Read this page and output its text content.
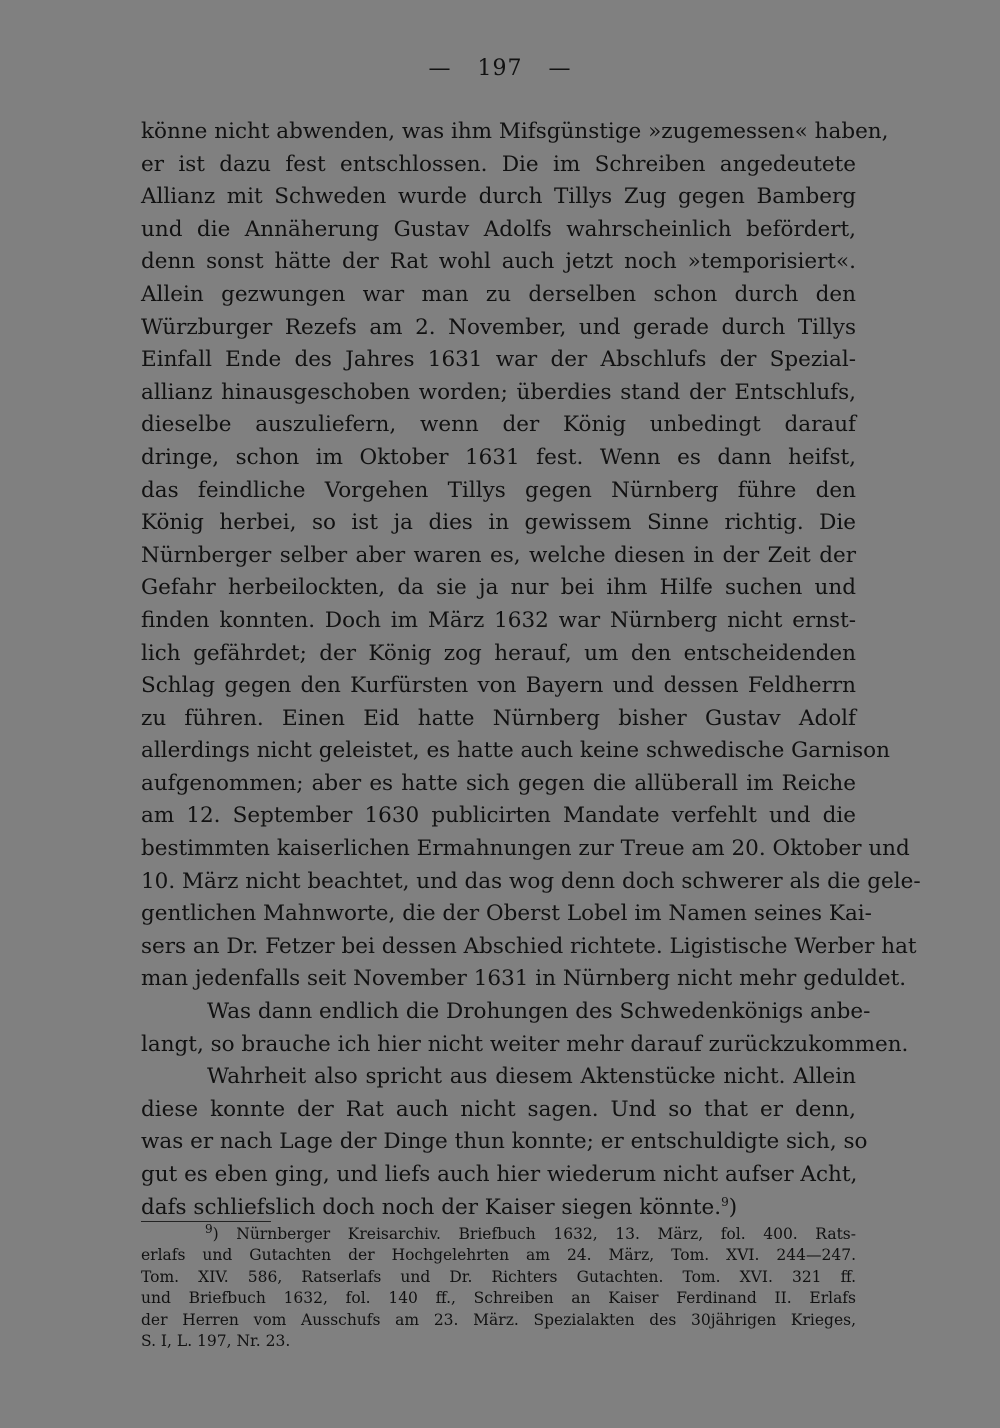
— 197 —
könne nicht abwenden, was ihm Mifsgünstige »zugemessen« haben,
er ist dazu fest entschlossen. Die im Schreiben angedeutete
Allianz mit Schweden wurde durch Tillys Zug gegen Bamberg
und die Annäherung Gustav Adolfs wahrscheinlich befördert,
denn sonst hätte der Rat wohl auch jetzt noch »temporisiert«.
Allein gezwungen war man zu derselben schon durch den
Würzburger Rezefs am 2. November, und gerade durch Tillys
Einfall Ende des Jahres 1631 war der Abschlufs der Spezial-
allianz hinausgeschoben worden; überdies stand der Entschlufs,
dieselbe auszuliefern, wenn der König unbedingt darauf
dringe, schon im Oktober 1631 fest. Wenn es dann heifst,
das feindliche Vorgehen Tillys gegen Nürnberg führe den
König herbei, so ist ja dies in gewissem Sinne richtig. Die
Nürnberger selber aber waren es, welche diesen in der Zeit der
Gefahr herbeilockten, da sie ja nur bei ihm Hilfe suchen und
finden konnten. Doch im März 1632 war Nürnberg nicht ernst-
lich gefährdet; der König zog herauf, um den entscheidenden
Schlag gegen den Kurfürsten von Bayern und dessen Feldherrn
zu führen. Einen Eid hatte Nürnberg bisher Gustav Adolf
allerdings nicht geleistet, es hatte auch keine schwedische Garnison
aufgenommen; aber es hatte sich gegen die allüberall im Reiche
am 12. September 1630 publicirten Mandate verfehlt und die
bestimmten kaiserlichen Ermahnungen zur Treue am 20. Oktober und
10. März nicht beachtet, und das wog denn doch schwerer als die gele-
gentlichen Mahnworte, die der Oberst Lobel im Namen seines Kai-
sers an Dr. Fetzer bei dessen Abschied richtete. Ligistische Werber hat
man jedenfalls seit November 1631 in Nürnberg nicht mehr geduldet.
Was dann endlich die Drohungen des Schwedenkönigs anbe-
langt, so brauche ich hier nicht weiter mehr darauf zurückzukommen.
Wahrheit also spricht aus diesem Aktenstücke nicht. Allein
diese konnte der Rat auch nicht sagen. Und so that er denn,
was er nach Lage der Dinge thun konnte; er entschuldigte sich, so
gut es eben ging, und liefs auch hier wiederum nicht aufser Acht,
dafs schliefslich doch noch der Kaiser siegen könnte.$^9$)
$^9$) Nürnberger Kreisarchiv. Briefbuch 1632, 13. März, fol. 400. Rats-
erlafs und Gutachten der Hochgelehrten am 24. März, Tom. XVI. 244—247.
Tom. XIV. 586, Ratserlafs und Dr. Richters Gutachten. Tom. XVI. 321 ff.
und Briefbuch 1632, fol. 140 ff., Schreiben an Kaiser Ferdinand II. Erlafs
der Herren vom Ausschufs am 23. März. Spezialakten des 30jährigen Krieges,
S. I, L. 197, Nr. 23.
